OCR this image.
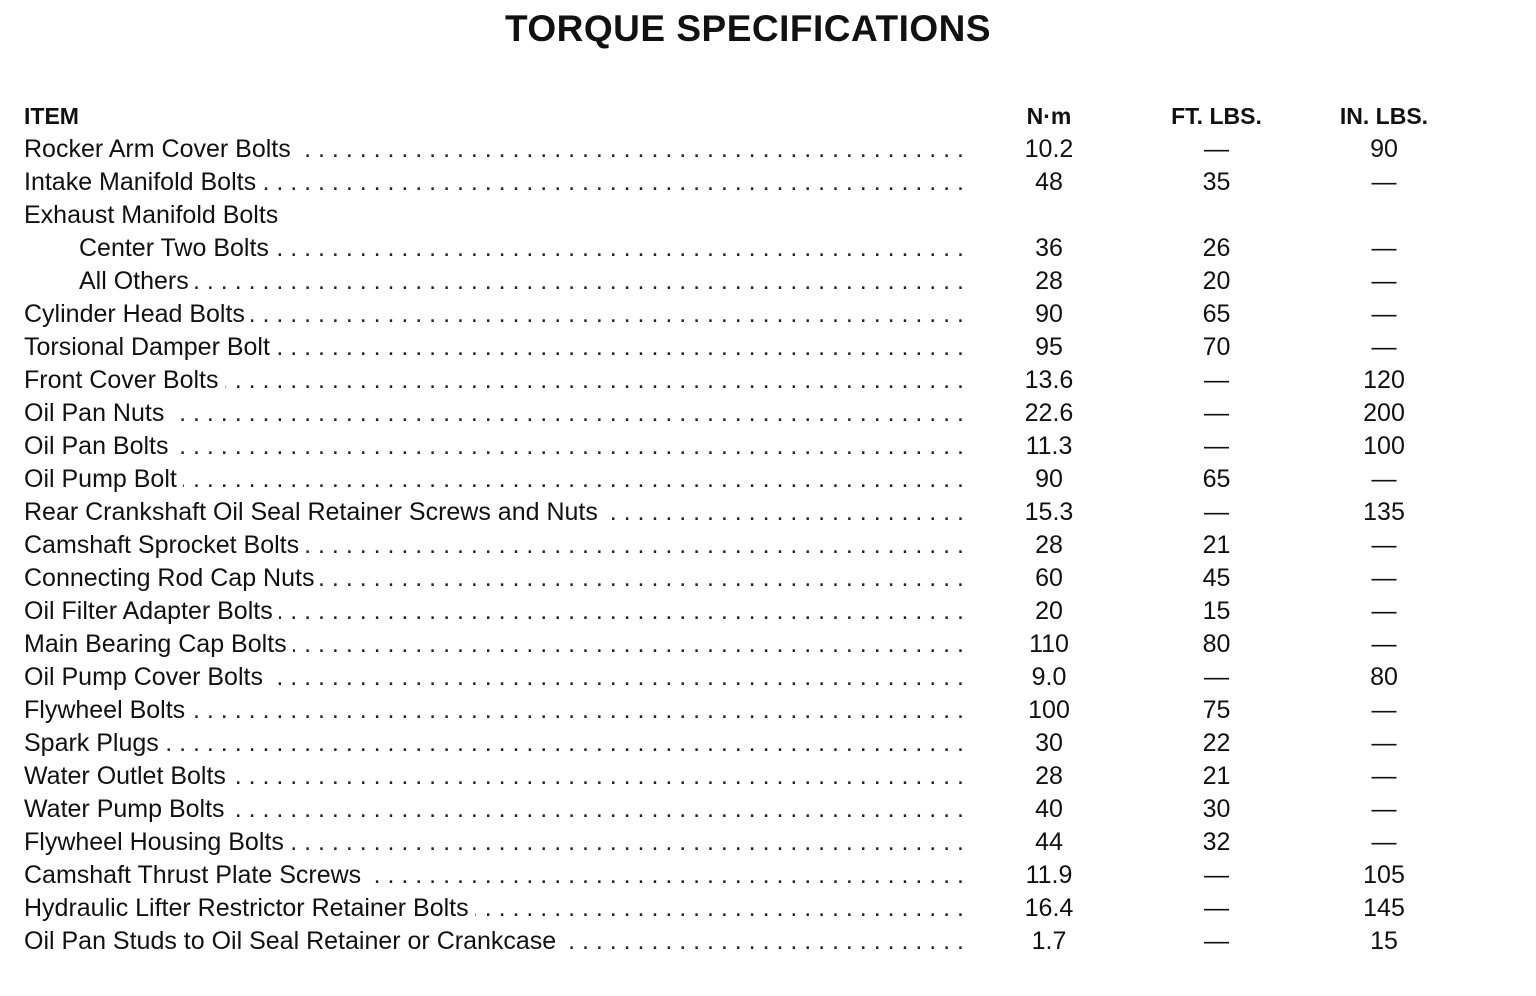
TORQUE SPECIFICATIONS
ITEM	N·m	FT. LBS.	IN. LBS.
Rocker Arm Cover Bolts . . .	10.2	—	90
Intake Manifold Bolts . . .	48	35	—
Exhaust Manifold Bolts
Center Two Bolts . . .	36	26	—
All Others . . .	28	20	—
Cylinder Head Bolts . . .	90	65	—
Torsional Damper Bolt . . .	95	70	—
Front Cover Bolts . . .	13.6	—	120
Oil Pan Nuts . . .	22.6	—	200
Oil Pan Bolts . . .	11.3	—	100
Oil Pump Bolt . . .	90	65	—
Rear Crankshaft Oil Seal Retainer Screws and Nuts . . .	15.3	—	135
Camshaft Sprocket Bolts . . .	28	21	—
Connecting Rod Cap Nuts . . .	60	45	—
Oil Filter Adapter Bolts . . .	20	15	—
Main Bearing Cap Bolts . . .	110	80	—
Oil Pump Cover Bolts . . .	9.0	—	80
Flywheel Bolts . . .	100	75	—
Spark Plugs . . .	30	22	—
Water Outlet Bolts . . .	28	21	—
Water Pump Bolts . . .	40	30	—
Flywheel Housing Bolts . . .	44	32	—
Camshaft Thrust Plate Screws . . .	11.9	—	105
Hydraulic Lifter Restrictor Retainer Bolts . . .	16.4	—	145
Oil Pan Studs to Oil Seal Retainer or Crankcase . . .	1.7	—	15
